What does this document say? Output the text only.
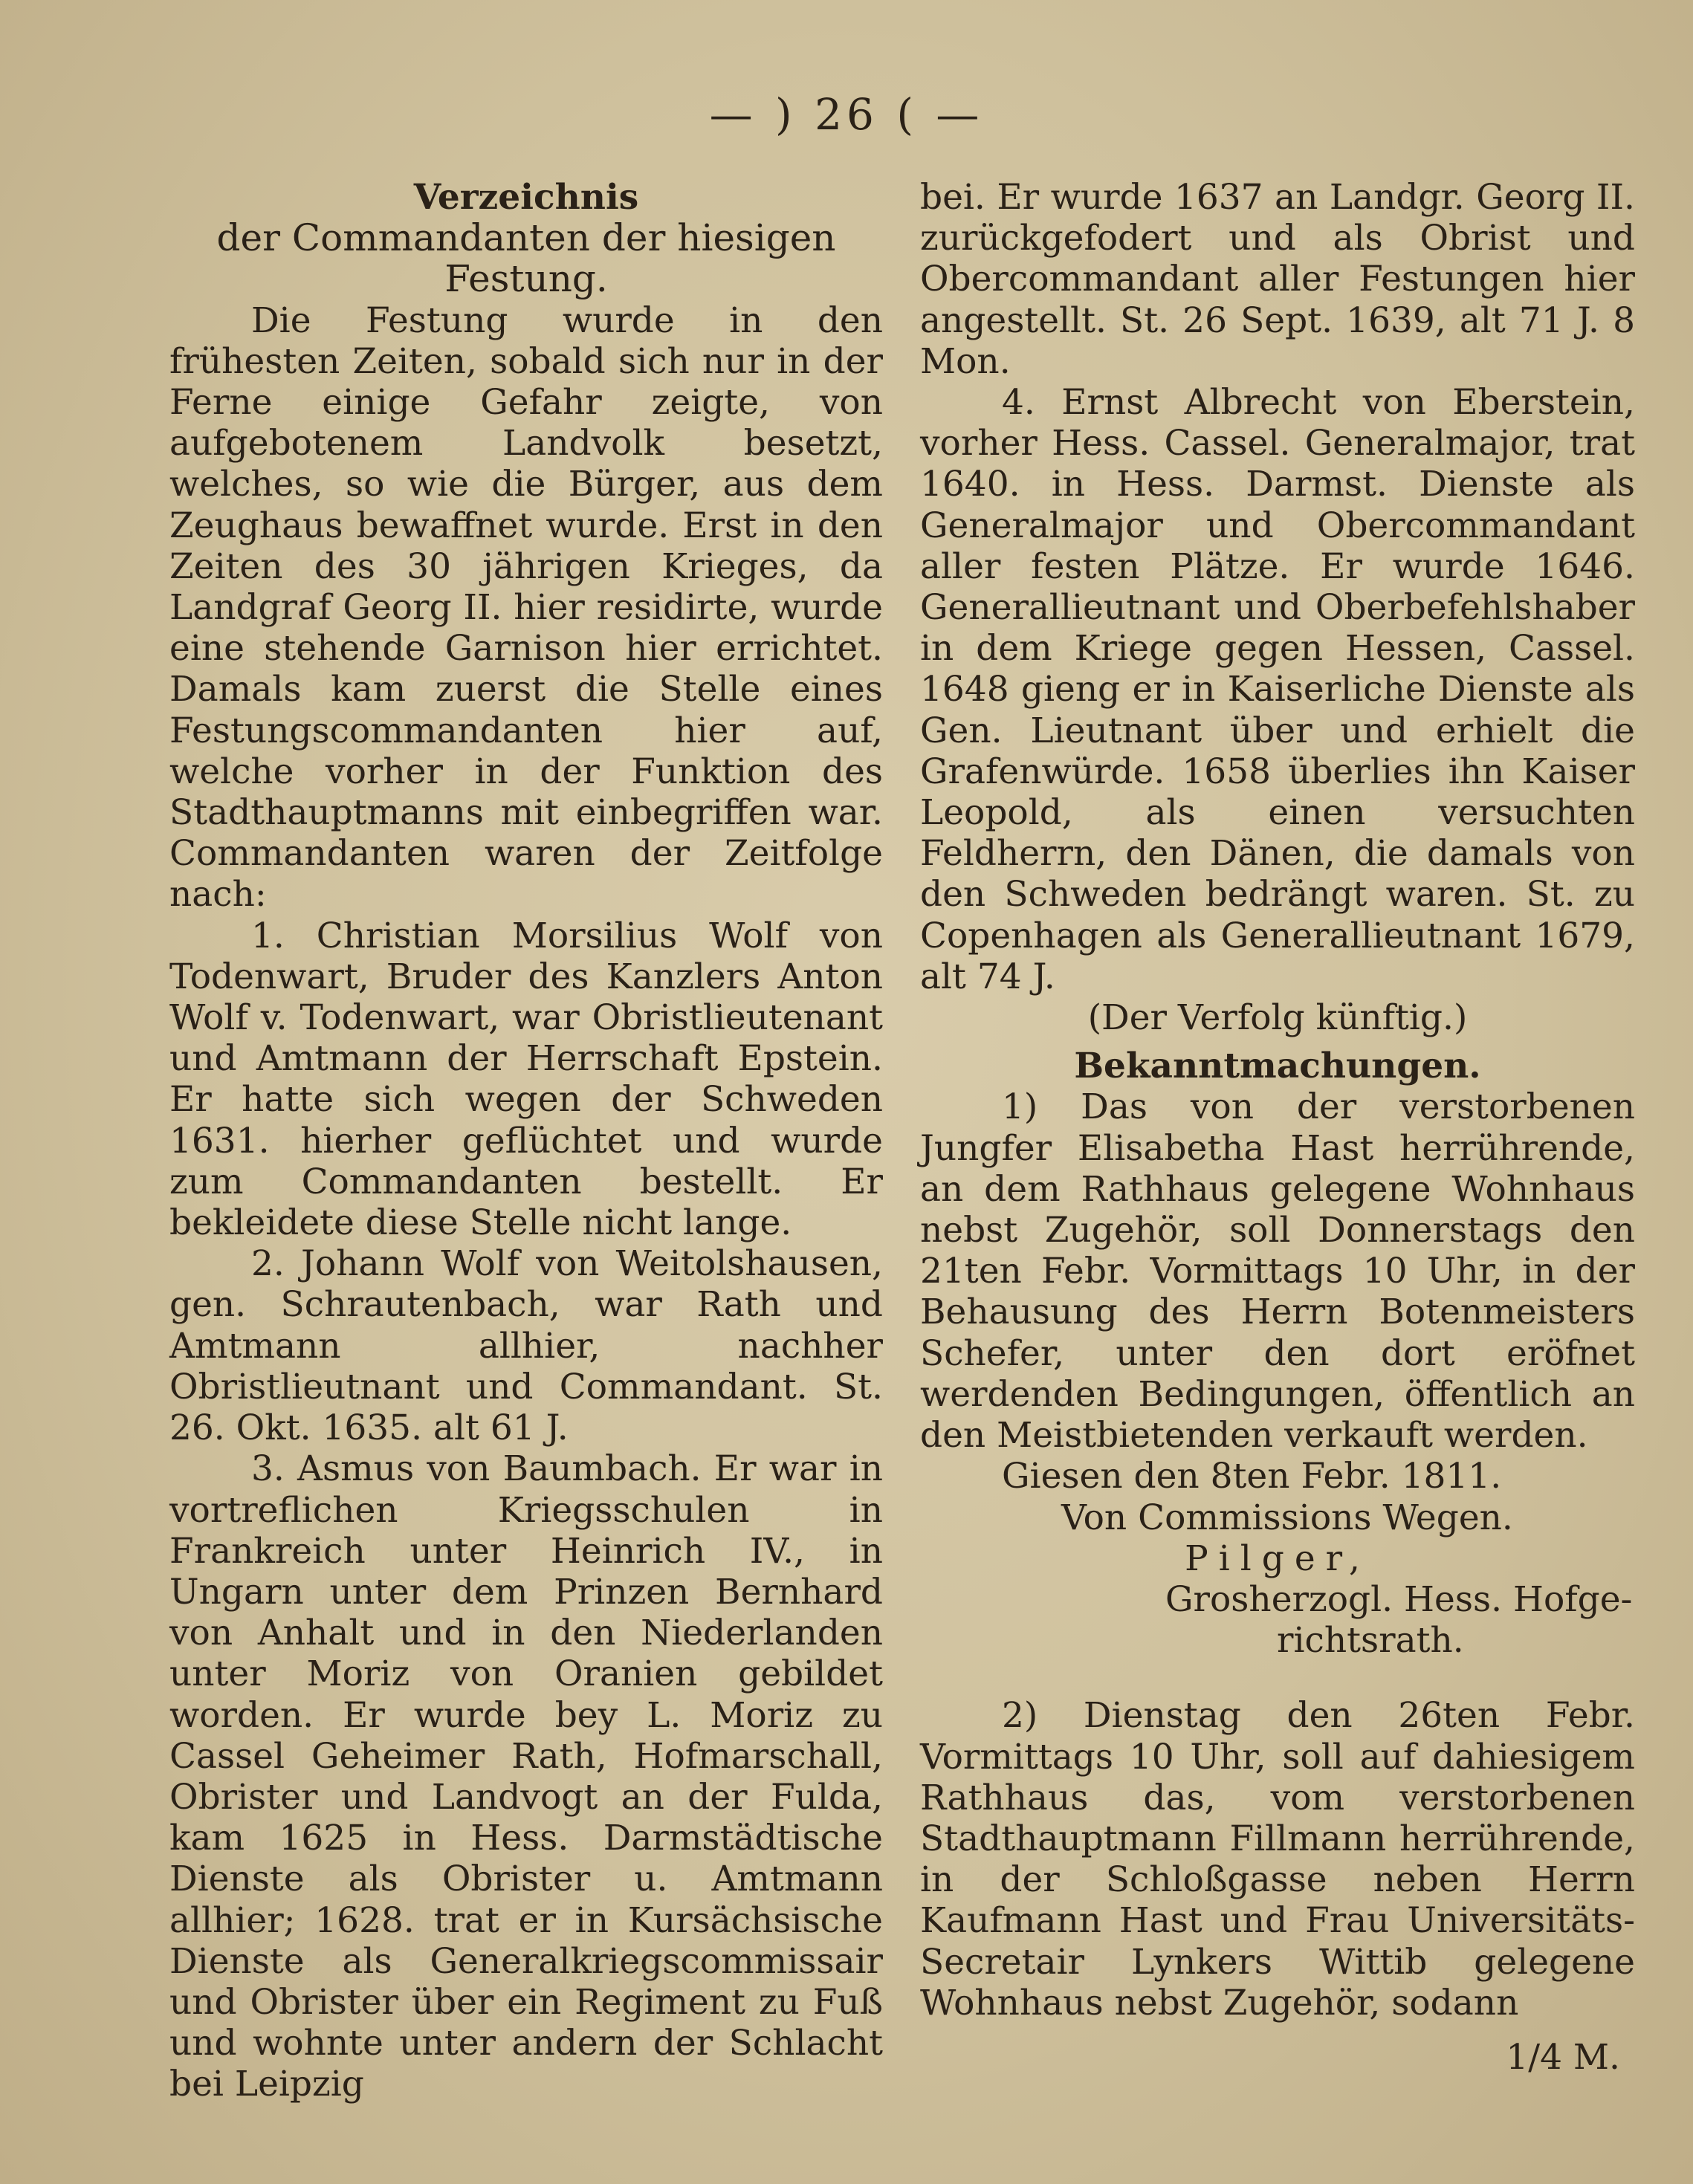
— ) 26 ( —

Verzeichnis

der Commandanten der hiesigen Festung.

Die Festung wurde in den frühesten Zeiten, sobald sich nur in der Ferne einige Gefahr zeigte, von aufgebotenem Landvolk besetzt, welches, so wie die Bürger, aus dem Zeughaus bewaffnet wurde. Erst in den Zeiten des 30 jährigen Krieges, da Landgraf Georg II. hier residirte, wurde eine stehende Garnison hier errichtet. Damals kam zuerst die Stelle eines Festungscommandanten hier auf, welche vorher in der Funktion des Stadthauptmanns mit einbegriffen war. Commandanten waren der Zeitfolge nach:

1. Christian Morsilius Wolf von Todenwart, Bruder des Kanzlers Anton Wolf v. Todenwart, war Obristlieutenant und Amtmann der Herrschaft Epstein. Er hatte sich wegen der Schweden 1631. hierher geflüchtet und wurde zum Commandanten bestellt. Er bekleidete diese Stelle nicht lange.

2. Johann Wolf von Weitolshausen, gen. Schrautenbach, war Rath und Amtmann allhier, nachher Obristlieutnant und Commandant. St. 26. Okt. 1635. alt 61 J.

3. Asmus von Baumbach. Er war in vortreflichen Kriegsschulen in Frankreich unter Heinrich IV., in Ungarn unter dem Prinzen Bernhard von Anhalt und in den Niederlanden unter Moriz von Oranien gebildet worden. Er wurde bey L. Moriz zu Cassel Geheimer Rath, Hofmarschall, Obrister und Landvogt an der Fulda, kam 1625 in Hess. Darmstädtische Dienste als Obrister u. Amtmann allhier; 1628. trat er in Kursächsische Dienste als Generalkriegscommissair und Obrister über ein Regiment zu Fuß und wohnte unter andern der Schlacht bei Leipzig

bei. Er wurde 1637 an Landgr. Georg II. zurückgefodert und als Obrist und Obercommandant aller Festungen hier angestellt. St. 26 Sept. 1639, alt 71 J. 8 Mon.

4. Ernst Albrecht von Eberstein, vorher Hess. Cassel. Generalmajor, trat 1640. in Hess. Darmst. Dienste als Generalmajor und Obercommandant aller festen Plätze. Er wurde 1646. Generallieutnant und Oberbefehlshaber in dem Kriege gegen Hessen, Cassel. 1648 gieng er in Kaiserliche Dienste als Gen. Lieutnant über und erhielt die Grafenwürde. 1658 überlies ihn Kaiser Leopold, als einen versuchten Feldherrn, den Dänen, die damals von den Schweden bedrängt waren. St. zu Copenhagen als Generallieutnant 1679, alt 74 J.

(Der Verfolg künftig.)

Bekanntmachungen.

1) Das von der verstorbenen Jungfer Elisabetha Hast herrührende, an dem Rathhaus gelegene Wohnhaus nebst Zugehör, soll Donnerstags den 21ten Febr. Vormittags 10 Uhr, in der Behausung des Herrn Botenmeisters Schefer, unter den dort eröfnet werdenden Bedingungen, öffentlich an den Meistbietenden verkauft werden.

Giesen den 8ten Febr. 1811.

Von Commissions Wegen.

Pilger,

Grosherzogl. Hess. Hofge-

richtsrath.

2) Dienstag den 26ten Febr. Vormittags 10 Uhr, soll auf dahiesigem Rathhaus das, vom verstorbenen Stadthauptmann Fillmann herrührende, in der Schloßgasse neben Herrn Kaufmann Hast und Frau Universitäts-Secretair Lynkers Wittib gelegene Wohnhaus nebst Zugehör, sodann

1/4 M.
